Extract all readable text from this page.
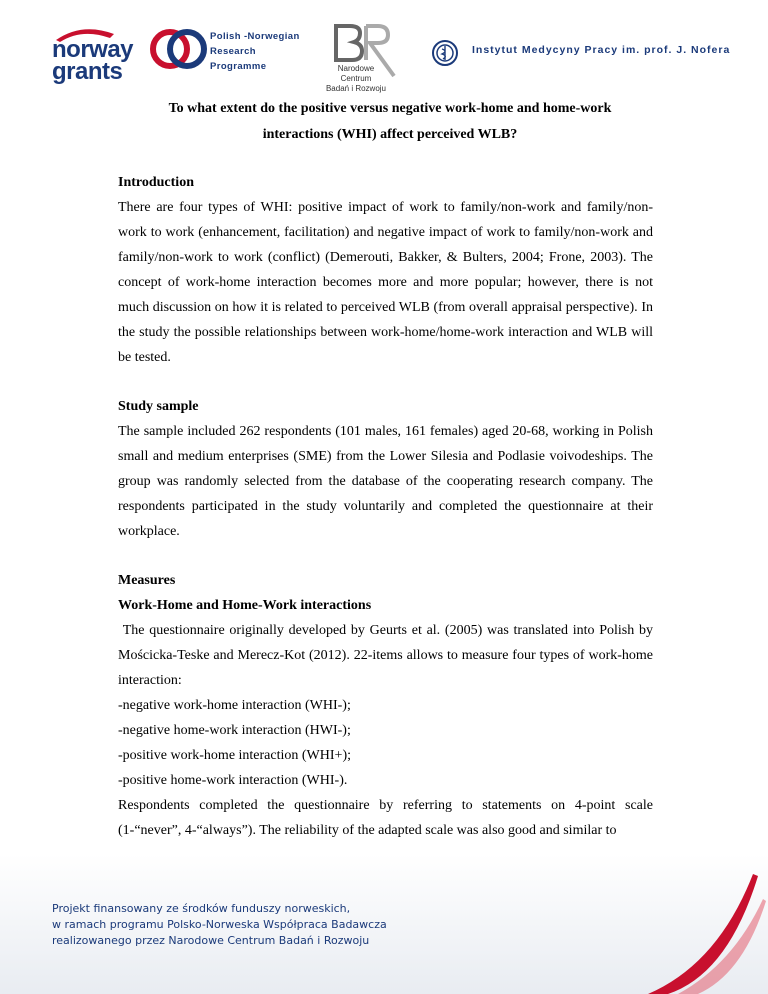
norway
grants
Polish -Norwegian
Research
Programme	Narodowe Centrum
Badań i Rozwoju
Instytut Medycyny Pracy im. prof. J. Nofera
To what extent do the positive versus negative work-home and home-work
interactions (WHI) affect perceived WLB?
Introduction

There are four types of WHI: positive impact of work to family/non-work and family/non-work to work (enhancement, facilitation) and negative impact of work to family/non-work and family/non-work to work (conflict) (Demerouti, Bakker, & Bulters, 2004; Frone, 2003). The concept of work-home interaction becomes more and more popular; however, there is not much discussion on how it is related to perceived WLB (from overall appraisal perspective). In the study the possible relationships between work-home/home-work interaction and WLB will be tested.

Study sample

The sample included 262 respondents (101 males, 161 females) aged 20-68, working in Polish small and medium enterprises (SME) from the Lower Silesia and Podlasie voivodeships. The group was randomly selected from the database of the cooperating research company. The respondents participated in the study voluntarily and completed the questionnaire at their workplace.

Measures
Work-Home and Home-Work interactions

The questionnaire originally developed by Geurts et al. (2005) was translated into Polish by Mościcka-Teske and Merecz-Kot (2012). 22-items allows to measure four types of work-home interaction:

-negative work-home interaction (WHI-);
-negative home-work interaction (HWI-);
-positive work-home interaction (WHI+);
-positive home-work interaction (WHI-).

Respondents completed the questionnaire by referring to statements on 4-point scale (1-“never”, 4-“always”). The reliability of the adapted scale was also good and similar to

Projekt finansowany ze środków funduszy norweskich,
w ramach programu Polsko-Norweska Współpraca Badawcza
realizowanego przez Narodowe Centrum Badań i Rozwoju
